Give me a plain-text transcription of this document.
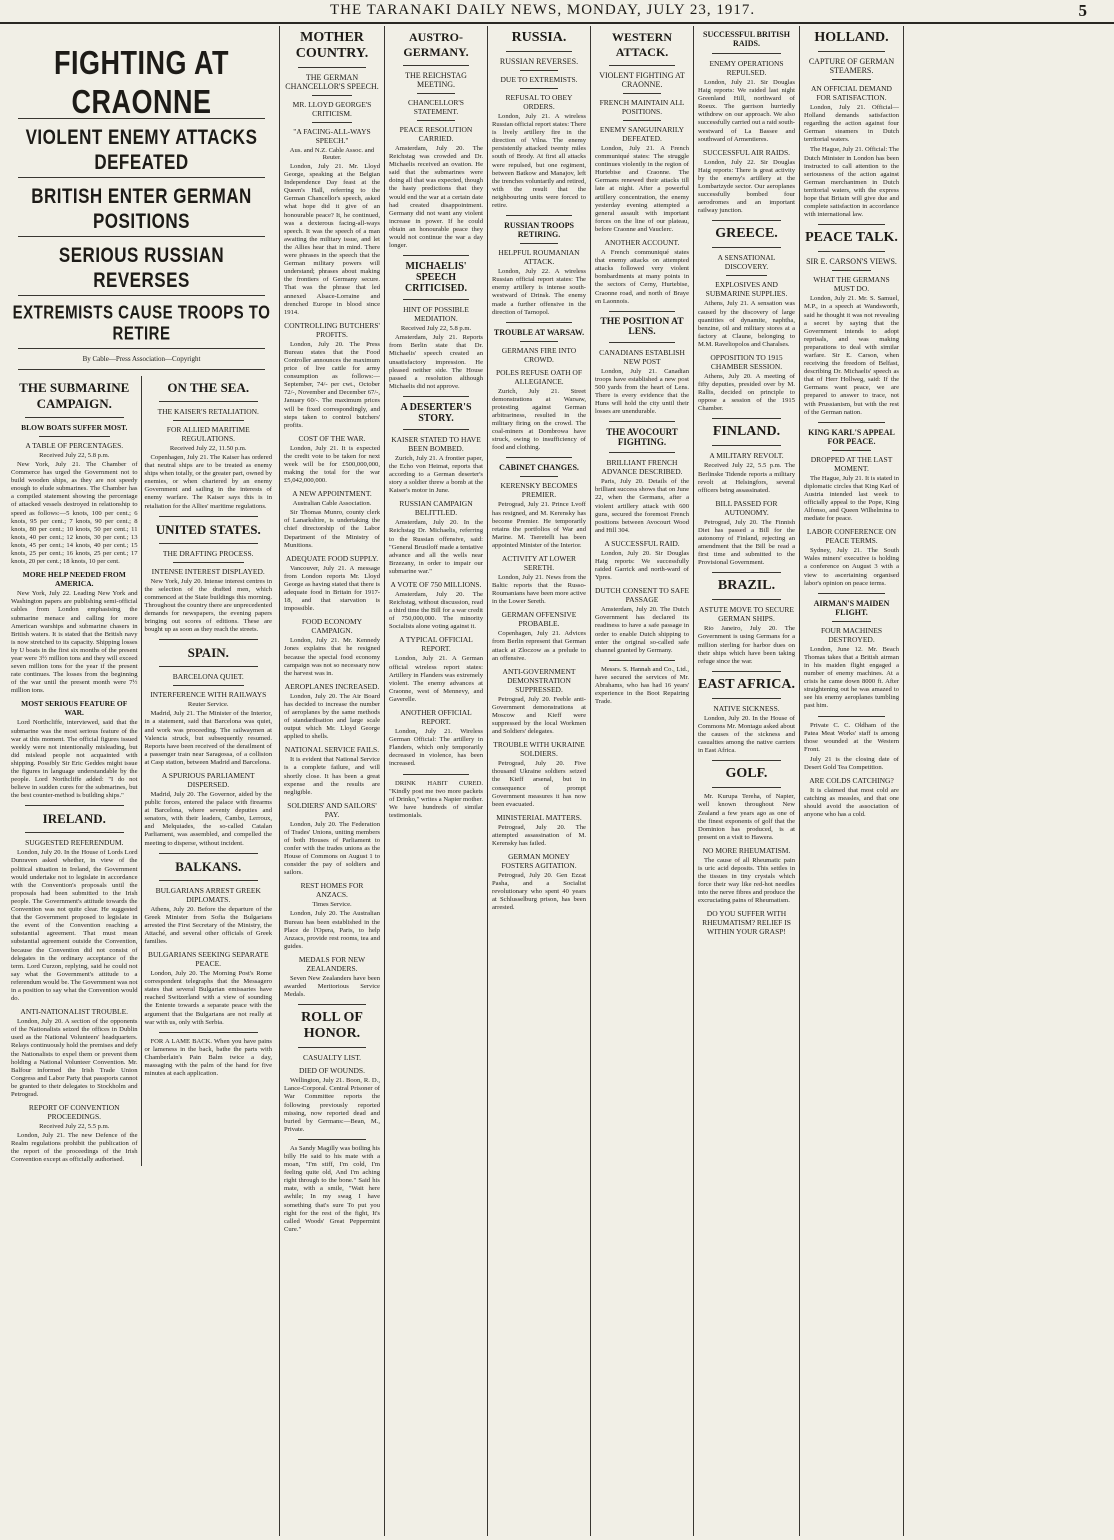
THE TARANAKI DAILY NEWS, MONDAY, JULY 23, 1917.	5
FIGHTING AT CRAONNE
VIOLENT ENEMY ATTACKS DEFEATED
BRITISH ENTER GERMAN POSITIONS
SERIOUS RUSSIAN REVERSES
EXTREMISTS CAUSE TROOPS TO RETIRE
By Cable—Press Association—Copyright
THE SUBMARINE CAMPAIGN.
BLOW BOATS SUFFER MOST.
A TABLE OF PERCENTAGES.
Received July 22, 5.8 p.m.

New York, July 21. The Chamber of Commerce has urged the Government not to build wooden ships, as they are not speedy enough to elude submarines. The Chamber has a compiled statement showing the percentage of attacked vessels destroyed in relationship to speed as follows:—5 knots, 100 per cent.; 6 knots, 95 per cent.; 7 knots, 90 per cent.; 8 knots, 80 per cent.; 10 knots, 50 per cent.; 11 knots, 40 per cent.; 12 knots, 30 per cent.; 13 knots, 45 per cent.; 14 knots, 40 per cent.; 15 knots, 25 per cent.; 16 knots, 25 per cent.; 17 knots, 20 per cent.; 18 knots, 10 per cent.

MORE HELP NEEDED FROM AMERICA.

New York, July 22. Leading New York and Washington papers are publishing semi-official cables from London emphasising the submarine menace and calling for more American warships and submarine chasers in British waters. It is stated that the British navy is now stretched to its capacity. Shipping losses by U boats in the first six months of the present year were 3½ million tons and they will exceed seven million tons for the year if the present rate continues. The losses from the beginning of the war until the present month were 7½ million tons.

MOST SERIOUS FEATURE OF WAR.

Lord Northcliffe, interviewed, said that the submarine was the most serious feature of the war at this moment. The official figures issued weekly were not intentionally misleading, but did mislead people not acquainted with shipping. Possibly Sir Eric Geddes might issue the figures in language understandable by the people. Lord Northcliffe added: "I do not believe in sudden cures for the submarines, but the best counter-method is building ships."

IRELAND.
SUGGESTED REFERENDUM.

London, July 20. In the House of Lords Lord Dunraven asked whether, in view of the political situation in Ireland, the Government would undertake not to legislate in accordance with the Convention's proposals until the proposals had been submitted to the Irish people. The Government's attitude towards the Convention was not quite clear. He suggested that the Government proposed to legislate in the event of the Convention reaching a substantial agreement. That must mean substantial agreement outside the Convention, because the Convention did not consist of delegates in the ordinary acceptance of the term. Lord Curzon, replying, said he could not say what the Government's attitude to a referendum would be. The Government was not in a position to say what the Convention would do.

ANTI-NATIONALIST TROUBLE.

London, July 20. A section of the opponents of the Nationalists seized the offices in Dublin used as the National Volunteers' headquarters. Relays continuously hold the premises and defy the Nationalists to expel them or prevent them holding a National Volunteer Convention. Mr. Balfour informed the Irish Trade Union Congress and Labor Party that passports cannot be granted to their delegates to Stockholm and Petrograd.

REPORT OF CONVENTION PROCEEDINGS.
Received July 22, 5.5 p.m.

London, July 21. The new Defence of the Realm regulations prohibit the publication of the report of the proceedings of the Irish Convention except as officially authorised.

ON THE SEA.
THE KAISER'S RETALIATION.
FOR ALLIED MARITIME REGULATIONS.
Received July 22, 11.50 p.m.

Copenhagen, July 21. The Kaiser has ordered that neutral ships are to be treated as enemy ships when totally, or the greater part, owned by enemies, or when chartered by an enemy Government and sailing in the interests of enemy warfare. The Kaiser says this is in retaliation for the Allies' maritime regulations.

UNITED STATES.
THE DRAFTING PROCESS.
INTENSE INTEREST DISPLAYED.

New York, July 20. Intense interest centres in the selection of the drafted men, which commenced at the State buildings this morning. Throughout the country there are unprecedented demands for newspapers, the evening papers bringing out scores of editions. These are bought up as soon as they reach the streets.

SPAIN.
BARCELONA QUIET.
INTERFERENCE WITH RAILWAYS
Reuter Service.

Madrid, July 21. The Minister of the Interior, in a statement, said that Barcelona was quiet, and work was proceeding. The railwaymen at Valencia struck, but subsequently resumed. Reports have been received of the derailment of a passenger train near Saragossa, of a collision at Casp station, between Madrid and Barcelona.

A SPURIOUS PARLIAMENT DISPERSED.

Madrid, July 20. The Governor, aided by the public forces, entered the palace with firearms at Barcelona, where seventy deputies and senators, with their leaders, Cambo, Lerroux, and Melquiades, the so-called Catalan Parliament, was assembled, and compelled the meeting to disperse, without incident.

BALKANS.
BULGARIANS ARREST GREEK DIPLOMATS.

Athens, July 20. Before the departure of the Greek Minister from Sofia the Bulgarians arrested the First Secretary of the Ministry, the Attaché, and several other officials of Greek families.

BULGARIANS SEEKING SEPARATE PEACE.

London, July 20. The Morning Post's Rome correspondent telegraphs that the Messagero states that several Bulgarian emissaries have reached Switzerland with a view of sounding the Entente towards a separate peace with the argument that the Bulgarians are not really at war with us, only with Serbia.

FOR A LAME BACK. When you have pains or lameness in the back, bathe the parts with Chamberlain's Pain Balm twice a day, massaging with the palm of the hand for five minutes at each application.

MOTHER COUNTRY.
THE GERMAN CHANCELLOR'S SPEECH.
MR. LLOYD GEORGE'S CRITICISM.
"A FACING-ALL-WAYS SPEECH."
Aus. and N.Z. Cable Assoc. and Reuter.

London, July 21. Mr. Lloyd George, speaking at the Belgian Independence Day feast at the Queen's Hall, referring to the German Chancellor's speech, asked what hope did it give of an honourable peace? It, he continued, was a dexterous facing-all-ways speech. It was the speech of a man awaiting the military issue, and let the Allies hear that in mind. There were phrases in the speech that the German military powers will understand; phrases about making the frontiers of Germany secure. That was the phrase that led annexed Alsace-Lorraine and drenched Europe in blood since 1914.

CONTROLLING BUTCHERS' PROFITS.

London, July 20. The Press Bureau states that the Food Controller announces the maximum price of live cattle for army consumption as follows:—September, 74/- per cwt., October 72/-, November and December 67/-, January 60/-. The maximum prices will be fixed correspondingly, and steps taken to control butchers' profits.

COST OF THE WAR.

London, July 21. It is expected the credit vote to be taken for next week will be for £500,000,000, making the total for the war £5,042,000,000.

A NEW APPOINTMENT.
Australian Cable Association.

Sir Thomas Munro, county clerk of Lanarkshire, is undertaking the chief directorship of the Labor Department of the Ministry of Munitions.

ADEQUATE FOOD SUPPLY.

Vancouver, July 21. A message from London reports Mr. Lloyd George as having stated that there is adequate food in Britain for 1917-18, and that starvation is impossible.

FOOD ECONOMY CAMPAIGN.

London, July 21. Mr. Kennedy Jones explains that he resigned because the special food economy campaign was not so necessary now the harvest was in.

AEROPLANES INCREASED.

London, July 20. The Air Board has decided to increase the number of aeroplanes by the same methods of standardisation and large scale output which Mr. Lloyd George applied to shells.

NATIONAL SERVICE FAILS.

It is evident that National Service is a complete failure, and will shortly close. It has been a great expense and the results are negligible.

SOLDIERS' AND SAILORS' PAY.

London, July 20. The Federation of Trades' Unions, uniting members of both Houses of Parliament to confer with the trades unions as the House of Commons on August 1 to consider the pay of soldiers and sailors.

REST HOMES FOR ANZACS.
Times Service.

London, July 20. The Australian Bureau has been established in the Place de l'Opera, Paris, to help Anzacs, provide rest rooms, tea and guides.

MEDALS FOR NEW ZEALANDERS.

Seven New Zealanders have been awarded Meritorious Service Medals.

ROLL OF HONOR.
CASUALTY LIST.
DIED OF WOUNDS.

Wellington, July 21. Boon, R. D., Lance-Corporal. Central Prisoner of War Committee reports the following previously reported missing, now reported dead and buried by Germans:—Bean, M., Private.

As Sandy Magilly was boiling his billy He said to his mate with a moan, "I'm stiff, I'm cold, I'm feeling quite old, And I'm aching right through to the bone." Said his mate, with a smile, "Wait here awhile; In my swag I have something that's sure To put you right for the rest of the fight, It's called Woods' Great Peppermint Cure."

AUSTRO-GERMANY.
THE REICHSTAG MEETING.
CHANCELLOR'S STATEMENT.
PEACE RESOLUTION CARRIED.

Amsterdam, July 20. The Reichstag was crowded and Dr. Michaelis received an ovation. He said that the submarines were doing all that was expected, though the hasty predictions that they would end the war at a certain date had created disappointment. Germany did not want any violent increase in power. If he could obtain an honourable peace they would not continue the war a day longer.

MICHAELIS' SPEECH CRITICISED.
HINT OF POSSIBLE MEDIATION.
Received July 22, 5.8 p.m.

Amsterdam, July 21. Reports from Berlin state that Dr. Michaelis' speech created an unsatisfactory impression. He pleased neither side. The House passed a resolution although Michaelis did not approve.

A DESERTER'S STORY.
KAISER STATED TO HAVE BEEN BOMBED.

Zurich, July 21. A frontier paper, the Echo von Heimat, reports that according to a German deserter's story a soldier threw a bomb at the Kaiser's motor in June.

RUSSIAN CAMPAIGN BELITTLED.

Amsterdam, July 20. In the Reichstag Dr. Michaelis, referring to the Russian offensive, said: "General Brusiloff made a tentative advance and all the wells near Brzezany, in order to impair our submarine war."

A VOTE OF 750 MILLIONS.

Amsterdam, July 20. The Reichstag, without discussion, read a third time the Bill for a war credit of 750,000,000. The minority Socialists alone voting against it.

A TYPICAL OFFICIAL REPORT.

London, July 21. A German official wireless report states: Artillery in Flanders was extremely violent. The enemy advances at Craonne, west of Mennevy, and Gaverelle.

ANOTHER OFFICIAL REPORT.

London, July 21. Wireless German Official: The artillery in Flanders, which only temporarily decreased in violence, has been increased.

DRINK HABIT CURED. "Kindly post me two more packets of Drinko," writes a Napier mother. We have hundreds of similar testimonials.

RUSSIA.
RUSSIAN REVERSES.
DUE TO EXTREMISTS.
REFUSAL TO OBEY ORDERS.

London, July 21. A wireless Russian official report states: There is lively artillery fire in the direction of Vilna. The enemy persistently attacked twenty miles south of Brody. At first all attacks were repulsed, but one regiment, between Batkow and Manajov, left the trenches voluntarily and retired, with the result that the neighbouring units were forced to retire.

RUSSIAN TROOPS RETIRING.
HELPFUL ROUMANIAN ATTACK.

London, July 22. A wireless Russian official report states: The enemy artillery is intense south-westward of Drinsk. The enemy made a further offensive in the direction of Tarnopol.

TROUBLE AT WARSAW.
GERMANS FIRE INTO CROWD.
POLES REFUSE OATH OF ALLEGIANCE.

Zurich, July 21. Street demonstrations at Warsaw, protesting against German arbitrariness, resulted in the military firing on the crowd. The coal-miners at Dombrowa have struck, owing to insufficiency of food and clothing.

CABINET CHANGES.
KERENSKY BECOMES PREMIER.

Petrograd, July 21. Prince Lvoff has resigned, and M. Kerensky has become Premier. He temporarily retains the portfolios of War and Marine. M. Tseretelli has been appointed Minister of the Interior.

ACTIVITY AT LOWER SERETH.

London, July 21. News from the Baltic reports that the Russo-Roumanians have been more active in the Lower Sereth.

GERMAN OFFENSIVE PROBABLE.

Copenhagen, July 21. Advices from Berlin represent that German attack at Zloczow as a prelude to an offensive.

ANTI-GOVERNMENT DEMONSTRATION SUPPRESSED.

Petrograd, July 20. Feeble anti-Government demonstrations at Moscow and Kieff were suppressed by the local Workmen and Soldiers' delegates.

TROUBLE WITH UKRAINE SOLDIERS.

Petrograd, July 20. Five thousand Ukraine soldiers seized the Kieff arsenal, but in consequence of prompt Government measures it has now been evacuated.

MINISTERIAL MATTERS.

Petrograd, July 20. The attempted assassination of M. Kerensky has failed.

GERMAN MONEY FOSTERS AGITATION.

Petrograd, July 20. Gen Ezzat Pasha, and a Socialist revolutionary who spent 40 years at Schlusselburg prison, has been arrested.

WESTERN ATTACK.
VIOLENT FIGHTING AT CRAONNE.
FRENCH MAINTAIN ALL POSITIONS.
ENEMY SANGUINARILY DEFEATED.

London, July 21. A French communiqué states: The struggle continues violently in the region of Hurtebise and Craonne. The Germans renewed their attacks till late at night. After a powerful artillery concentration, the enemy yesterday evening attempted a general assault with important forces on the line of our plateau, before Craonne and Vauclerc.

ANOTHER ACCOUNT.

A French communiqué states that enemy attacks on attempted attacks followed very violent bombardments at many points in the sectors of Cerny, Hurtebise, Craonne road, and north of Braye en Laonnois.

THE POSITION AT LENS.
CANADIANS ESTABLISH NEW POST

London, July 21. Canadian troops have established a new post 500 yards from the heart of Lens. There is every evidence that the Huns will hold the city until their losses are unendurable.

THE AVOCOURT FIGHTING.
BRILLIANT FRENCH ADVANCE DESCRIBED.

Paris, July 20. Details of the brilliant success shows that on June 22, when the Germans, after a violent artillery attack with 600 guns, secured the foremost French positions between Avocourt Wood and Hill 304.

A SUCCESSFUL RAID.

London, July 20. Sir Douglas Haig reports: We successfully raided Garrick and north-ward of Ypres.

DUTCH CONSENT TO SAFE PASSAGE

Amsterdam, July 20. The Dutch Government has declared its readiness to have a safe passage in order to enable Dutch shipping to enter the original so-called safe channel granted by Germany.

Messrs. S. Hannah and Co., Ltd., have secured the services of Mr. Abrahams, who has had 16 years' experience in the Boot Repairing Trade.

SUCCESSFUL BRITISH RAIDS.
ENEMY OPERATIONS REPULSED.

London, July 21. Sir Douglas Haig reports: We raided last night Greenland Hill, northward of Roeux. The garrison hurriedly withdrew on our approach. We also successfully carried out a raid south-westward of La Bassee and southward of Armentieres.

SUCCESSFUL AIR RAIDS.

London, July 22. Sir Douglas Haig reports: There is great activity by the enemy's artillery at the Lombartzyde sector. Our aeroplanes successfully bombed four aerodromes and an important railway junction.

GREECE.
A SENSATIONAL DISCOVERY.
EXPLOSIVES AND SUBMARINE SUPPLIES.

Athens, July 21. A sensation was caused by the discovery of large quantities of dynamite, naphtha, benzine, oil and military stores at a factory at Claune, belonging to M.M. Raveliopolos and Charalses.

OPPOSITION TO 1915 CHAMBER SESSION.

Athens, July 20. A meeting of fifty deputies, presided over by M. Rallis, decided on principle to oppose a session of the 1915 Chamber.

FINLAND.
A MILITARY REVOLT.

Received July 22, 5.5 p.m. The Berlinske Tidende reports a military revolt at Helsingfors, several officers being assassinated.

BILL PASSED FOR AUTONOMY.

Petrograd, July 20. The Finnish Diet has passed a Bill for the autonomy of Finland, rejecting an amendment that the Bill be read a first time and submitted to the Provisional Government.

BRAZIL.
ASTUTE MOVE TO SECURE GERMAN SHIPS.

Rio Janeiro, July 20. The Government is using Germans for a million sterling for harbor dues on their ships which have been taking refuge since the war.

EAST AFRICA.
NATIVE SICKNESS.

London, July 20. In the House of Commons Mr. Montagu asked about the causes of the sickness and casualties among the native carriers in East Africa.

GOLF.

Mr. Kurupa Tereha, of Napier, well known throughout New Zealand a few years ago as one of the finest exponents of golf that the Dominion has produced, is at present on a visit to Hawera.

NO MORE RHEUMATISM.

The cause of all Rheumatic pain is uric acid deposits. This settles in the tissues in tiny crystals which force their way like red-hot needles into the nerve fibres and produce the excruciating pains of Rheumatism.

DO YOU SUFFER WITH RHEUMATISM? RELIEF IS WITHIN YOUR GRASP!
HOLLAND.
CAPTURE OF GERMAN STEAMERS.
AN OFFICIAL DEMAND FOR SATISFACTION.

London, July 21. Official—Holland demands satisfaction regarding the action against four German steamers in Dutch territorial waters.

The Hague, July 21. Official: The Dutch Minister in London has been instructed to call attention to the seriousness of the action against German merchantmen in Dutch territorial waters, with the express hope that Britain will give due and complete satisfaction in accordance with international law.

PEACE TALK.
SIR E. CARSON'S VIEWS.
WHAT THE GERMANS MUST DO.

London, July 21. Mr. S. Samuel, M.P., in a speech at Wandsworth, said he thought it was not revealing a secret by saying that the Government intends to adopt reprisals, and was making preparations to deal with similar warfare. Sir E. Carson, when receiving the freedom of Belfast, describing Dr. Michaelis' speech as that of Herr Hollweg, said: If the Germans want peace, we are prepared to answer to trace, not with Prussianism, but with the rest of the German nation.

KING KARL'S APPEAL FOR PEACE.
DROPPED AT THE LAST MOMENT.

The Hague, July 21. It is stated in diplomatic circles that King Karl of Austria intended last week to officially appeal to the Pope, King Alfonso, and Queen Wilhelmina to mediate for peace.

LABOR CONFERENCE ON PEACE TERMS.

Sydney, July 21. The South Wales miners' executive is holding a conference on August 3 with a view to ascertaining organised labor's opinion on peace terms.

AIRMAN'S MAIDEN FLIGHT.
FOUR MACHINES DESTROYED.

London, June 12. Mr. Beach Thomas takes that a British airman in his maiden flight engaged a number of enemy machines. At a crisis he came down 8000 ft. After straightening out he was amazed to see his enemy aeroplanes tumbling past him.

Private C. C. Oldham of the Patea Meat Works' staff is among those wounded at the Western Front.

July 21 is the closing date of Desert Gold Tea Competition.

ARE COLDS CATCHING?

It is claimed that most cold are catching as measles, and that one should avoid the association of anyone who has a cold.
